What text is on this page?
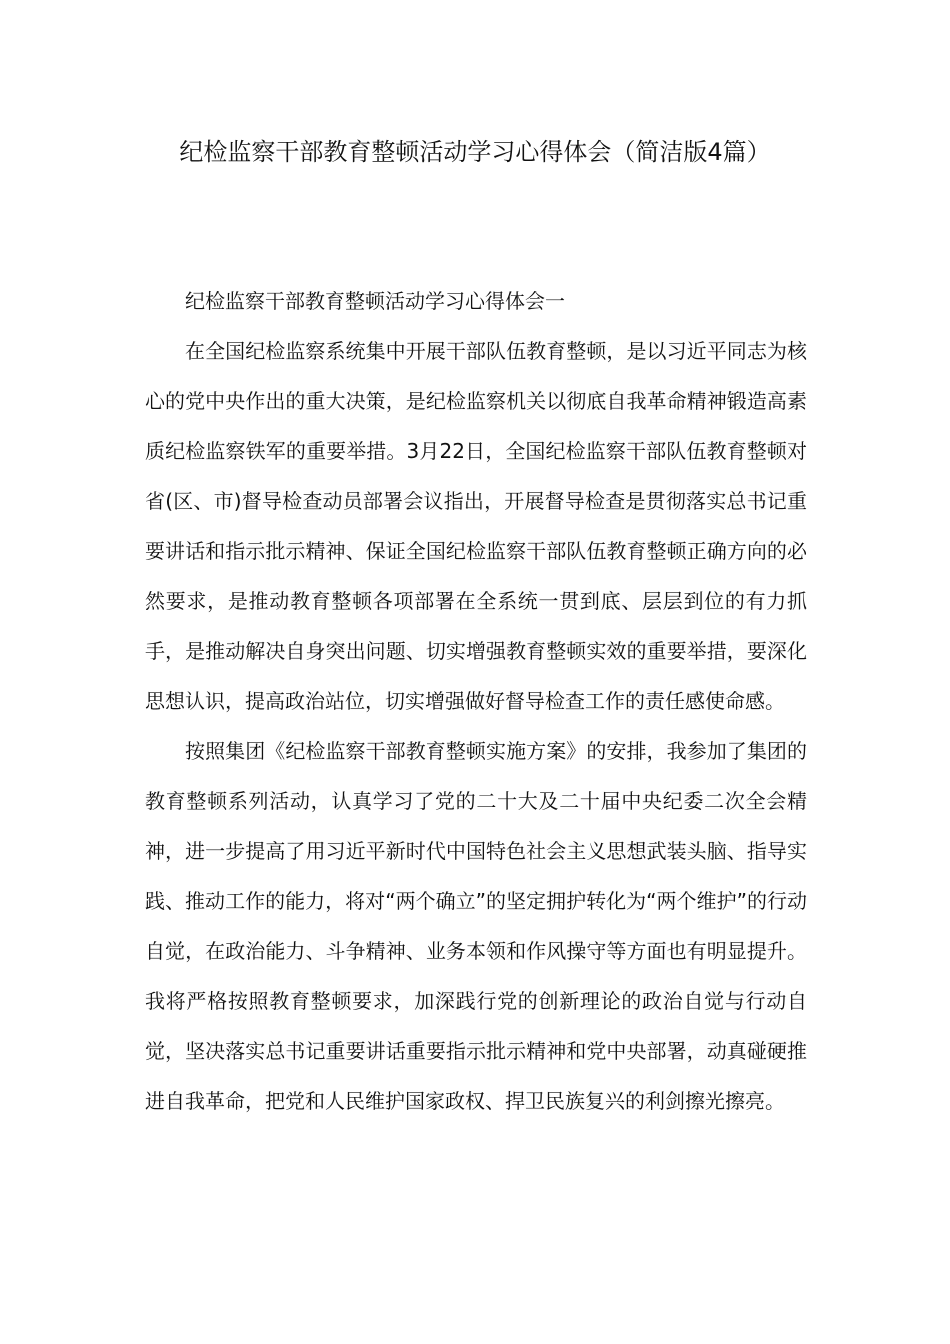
纪检监察干部教育整顿活动学习心得体会（简洁版4篇）

纪检监察干部教育整顿活动学习心得体会一

在全国纪检监察系统集中开展干部队伍教育整顿，是以习近平同志为核心的党中央作出的重大决策，是纪检监察机关以彻底自我革命精神锻造高素质纪检监察铁军的重要举措。3月22日，全国纪检监察干部队伍教育整顿对省(区、市)督导检查动员部署会议指出，开展督导检查是贯彻落实总书记重要讲话和指示批示精神、保证全国纪检监察干部队伍教育整顿正确方向的必然要求，是推动教育整顿各项部署在全系统一贯到底、层层到位的有力抓手，是推动解决自身突出问题、切实增强教育整顿实效的重要举措，要深化思想认识，提高政治站位，切实增强做好督导检查工作的责任感使命感。

按照集团《纪检监察干部教育整顿实施方案》的安排，我参加了集团的教育整顿系列活动，认真学习了党的二十大及二十届中央纪委二次全会精神，进一步提高了用习近平新时代中国特色社会主义思想武装头脑、指导实践、推动工作的能力，将对“两个确立”的坚定拥护转化为“两个维护”的行动自觉，在政治能力、斗争精神、业务本领和作风操守等方面也有明显提升。我将严格按照教育整顿要求，加深践行党的创新理论的政治自觉与行动自觉，坚决落实总书记重要讲话重要指示批示精神和党中央部署，动真碰硬推进自我革命，把党和人民维护国家政权、捍卫民族复兴的利剑擦光擦亮。
